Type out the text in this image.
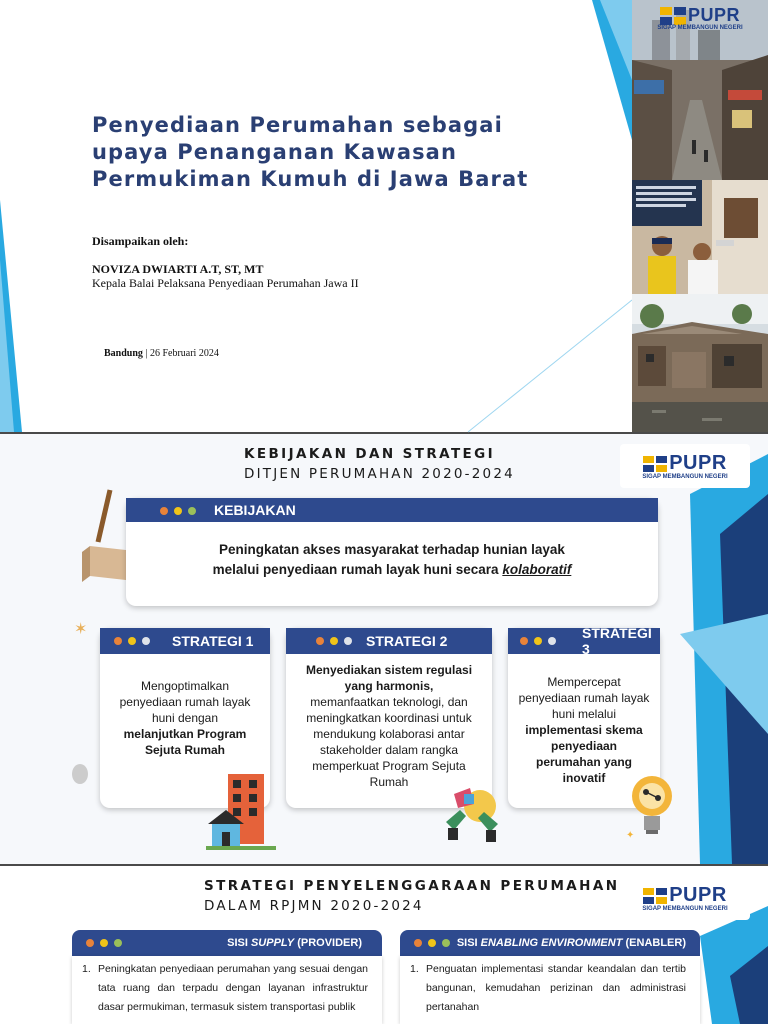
Penyediaan Perumahan sebagai
upaya Penanganan Kawasan
Permukiman Kumuh di Jawa Barat
Disampaikan oleh:
NOVIZA DWIARTI A.T, ST, MT
Kepala Balai Pelaksana Penyediaan Perumahan Jawa II
Bandung | 26 Februari 2024
PUPR
SIGAP MEMBANGUN NEGERI
KEBIJAKAN DAN STRATEGI
DITJEN PERUMAHAN 2020-2024	PUPR
SIGAP MEMBANGUN NEGERI
✶
KEBIJAKAN
Peningkatan akses masyarakat terhadap hunian layak
melalui penyediaan rumah layak huni secara kolaboratif
STRATEGI 1
Mengoptimalkan penyediaan rumah layak huni dengan
melanjutkan Program Sejuta Rumah
STRATEGI 2
Menyediakan sistem regulasi yang harmonis,
memanfaatkan teknologi, dan meningkatkan koordinasi untuk mendukung kolaborasi antar stakeholder dalam rangka memperkuat Program Sejuta Rumah
STRATEGI 3
Mempercepat penyediaan rumah layak huni melalui
implementasi skema penyediaan perumahan yang inovatif
✦
STRATEGI PENYELENGGARAAN PERUMAHAN
DALAM RPJMN 2020-2024	PUPR
SIGAP MEMBANGUN NEGERI
SISI SUPPLY (PROVIDER)
1. Peningkatan penyediaan perumahan yang sesuai dengan tata ruang dan terpadu dengan layanan infrastruktur dasar permukiman, termasuk sistem transportasi publik
SISI ENABLING ENVIRONMENT (ENABLER)
1. Penguatan implementasi standar keandalan dan tertib bangunan, kemudahan perizinan dan administrasi pertanahan
